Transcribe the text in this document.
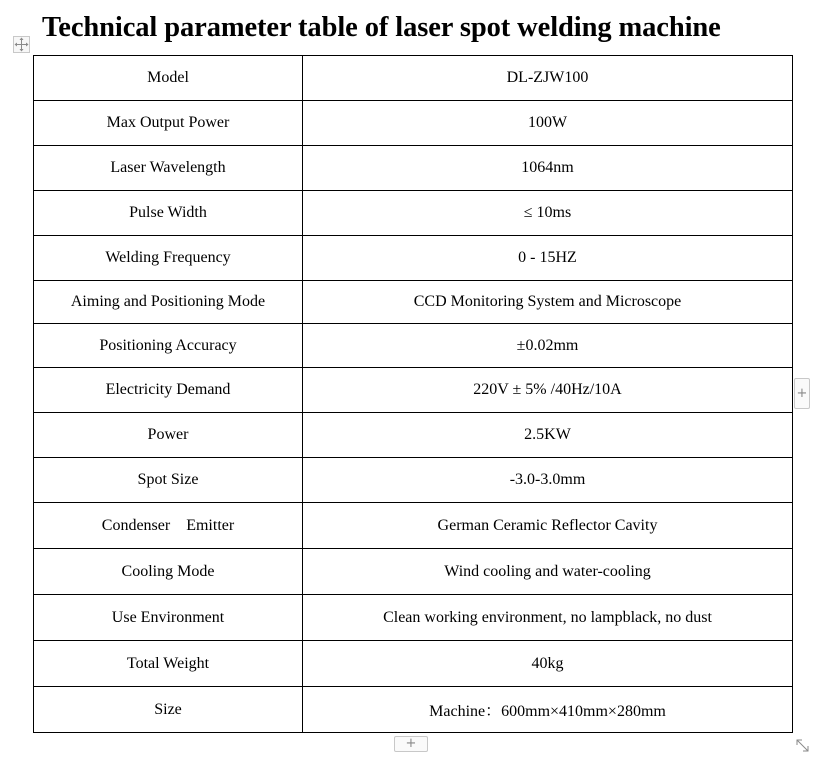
Technical parameter table of laser spot welding machine
Model	DL-ZJW100
Max Output Power	100W
Laser Wavelength	1064nm
Pulse Width	≤ 10ms
Welding Frequency	0 - 15HZ
Aiming and Positioning Mode	CCD Monitoring System and Microscope
Positioning Accuracy	±0.02mm
Electricity Demand	220V ± 5% /40Hz/10A
Power	2.5KW
Spot Size	-3.0-3.0mm
Condenser    Emitter	German Ceramic Reflector Cavity
Cooling Mode	Wind cooling and water-cooling
Use Environment	Clean working environment, no lampblack, no dust
Total Weight	40kg
Size	Machine：600mm×410mm×280mm
+
+
